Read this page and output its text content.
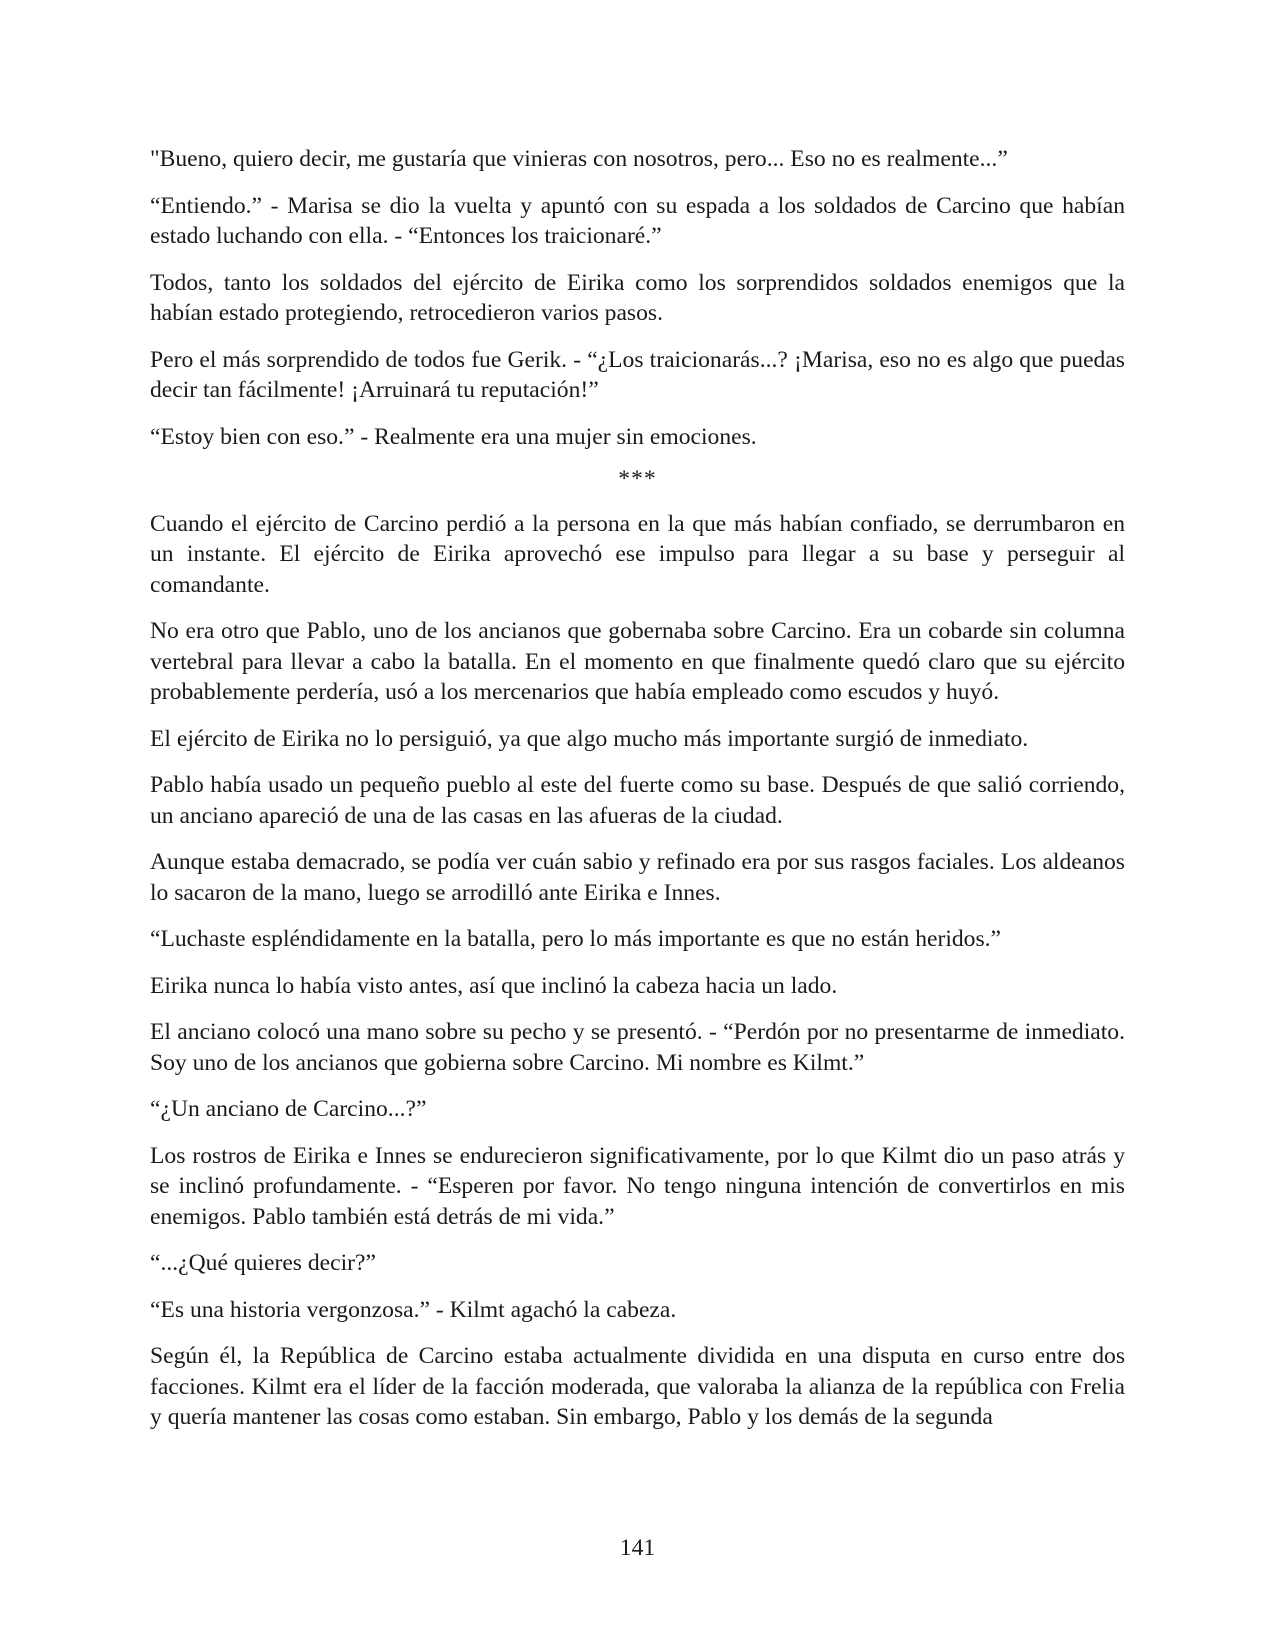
"Bueno, quiero decir, me gustaría que vinieras con nosotros, pero... Eso no es realmente...”

“Entiendo.” - Marisa se dio la vuelta y apuntó con su espada a los soldados de Carcino que habían estado luchando con ella. - “Entonces los traicionaré.”

Todos, tanto los soldados del ejército de Eirika como los sorprendidos soldados enemigos que la habían estado protegiendo, retrocedieron varios pasos.

Pero el más sorprendido de todos fue Gerik. - “¿Los traicionarás...? ¡Marisa, eso no es algo que puedas decir tan fácilmente! ¡Arruinará tu reputación!”

“Estoy bien con eso.” - Realmente era una mujer sin emociones.

***

Cuando el ejército de Carcino perdió a la persona en la que más habían confiado, se derrumbaron en un instante. El ejército de Eirika aprovechó ese impulso para llegar a su base y perseguir al comandante.

No era otro que Pablo, uno de los ancianos que gobernaba sobre Carcino. Era un cobarde sin columna vertebral para llevar a cabo la batalla. En el momento en que finalmente quedó claro que su ejército probablemente perdería, usó a los mercenarios que había empleado como escudos y huyó.

El ejército de Eirika no lo persiguió, ya que algo mucho más importante surgió de inmediato.

Pablo había usado un pequeño pueblo al este del fuerte como su base. Después de que salió corriendo, un anciano apareció de una de las casas en las afueras de la ciudad.

Aunque estaba demacrado, se podía ver cuán sabio y refinado era por sus rasgos faciales. Los aldeanos lo sacaron de la mano, luego se arrodilló ante Eirika e Innes.

“Luchaste espléndidamente en la batalla, pero lo más importante es que no están heridos.”

Eirika nunca lo había visto antes, así que inclinó la cabeza hacia un lado.

El anciano colocó una mano sobre su pecho y se presentó. - “Perdón por no presentarme de inmediato. Soy uno de los ancianos que gobierna sobre Carcino. Mi nombre es Kilmt.”

“¿Un anciano de Carcino...?”

Los rostros de Eirika e Innes se endurecieron significativamente, por lo que Kilmt dio un paso atrás y se inclinó profundamente. - “Esperen por favor. No tengo ninguna intención de convertirlos en mis enemigos. Pablo también está detrás de mi vida.”

“...¿Qué quieres decir?”

“Es una historia vergonzosa.” - Kilmt agachó la cabeza.

Según él, la República de Carcino estaba actualmente dividida en una disputa en curso entre dos facciones. Kilmt era el líder de la facción moderada, que valoraba la alianza de la república con Frelia y quería mantener las cosas como estaban. Sin embargo, Pablo y los demás de la segunda

141
